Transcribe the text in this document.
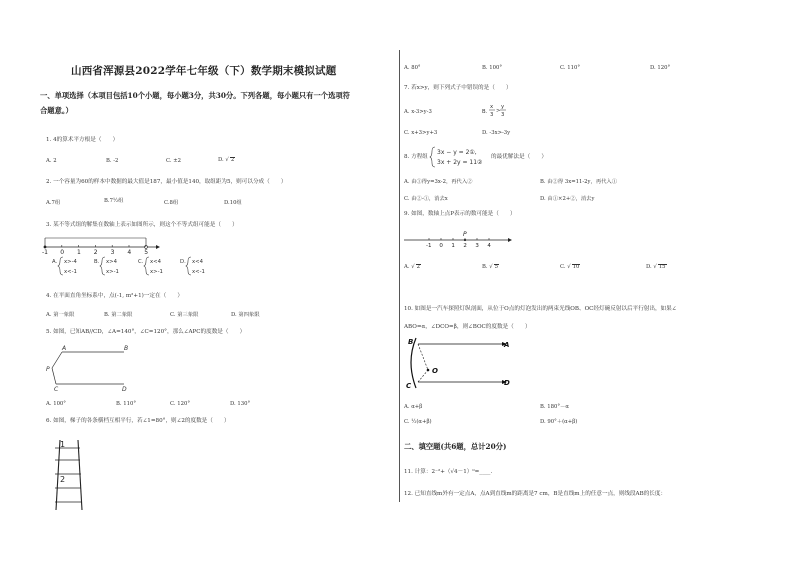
山西省浑源县2022学年七年级（下）数学期末模拟试题
一、单项选择（本项目包括10个小题，每小题3分，共30分。下列各题，每小题只有一个选项符
合题意。）
1. 4的算术平方根是（　　）
A. 2	B. -2	C. ±2	D. √ 2
2. 一个容量为60的样本中数据的最大值是187，最小值是140，取组距为5，则可以分成（　　）
A.7组	B.7½组	C.8组	D.10组
3. 某不等式组的解集在数轴上表示如图所示，则这个不等式组可能是（　　）
-1 0 1 2 3 4 5
A. x>-4
x<-1
B. x>4
x>-1
C. x<4
x>-1
D. x<4
x<-1
4. 在平面直角坐标系中，点(-1, m²+1)一定在（　　）
A. 第一象限	B. 第二象限	C. 第三象限	D. 第四象限
5. 如图，已知AB//CD，∠A=140°，∠C=120°，那么∠APC的度数是（　　）
A	B
P
C	D
A. 100°	B. 110°	C. 120°	D. 130°
6. 如图，梯子的各条横档互相平行，若∠1=80°，则∠2的度数是（　　）
1
2
A. 80°	B. 100°	C. 110°	D. 120°
7. 若x>y，则下列式子中错误的是（　　）
A. x-3>y-3	B.
x
3
>
y
3
C. x+3>y+3	D. -3x>-3y
8. 方程组
3x − y = 2①,
3x + 2y = 11②
的最优解法是（　　）
A. 由①得y=3x-2，再代入②	B. 由②得 3x=11-2y，再代入①
C. 由②-①，消去x	D. 由①×2+②，消去y
9. 如图，数轴上点P表示的数可能是（　　）
P
-1 0 1 2 3 4
A. √ 2	B. √ 5	C. √ 10	D. √ 15
10. 如图是一汽车探照灯纵剖面，从位于O点的灯泡发出的两束光线OB、OC经灯碗反射以后平行射出，如果∠
ABO=α，∠DCO=β，则∠BOC的度数是（　　）
B	A
O
C	D
A. α+β	B. 180°－α
C. ½(α+β)	D. 90°＋(α+β)
二、填空题(共6题，总计20分)
11. 计算：2⁻²+（√4－1）⁰=____.
12. 已知直线m外有一定点A，点A到直线m的距离是7 cm，B是直线m上的任意一点，则线段AB的长度：
